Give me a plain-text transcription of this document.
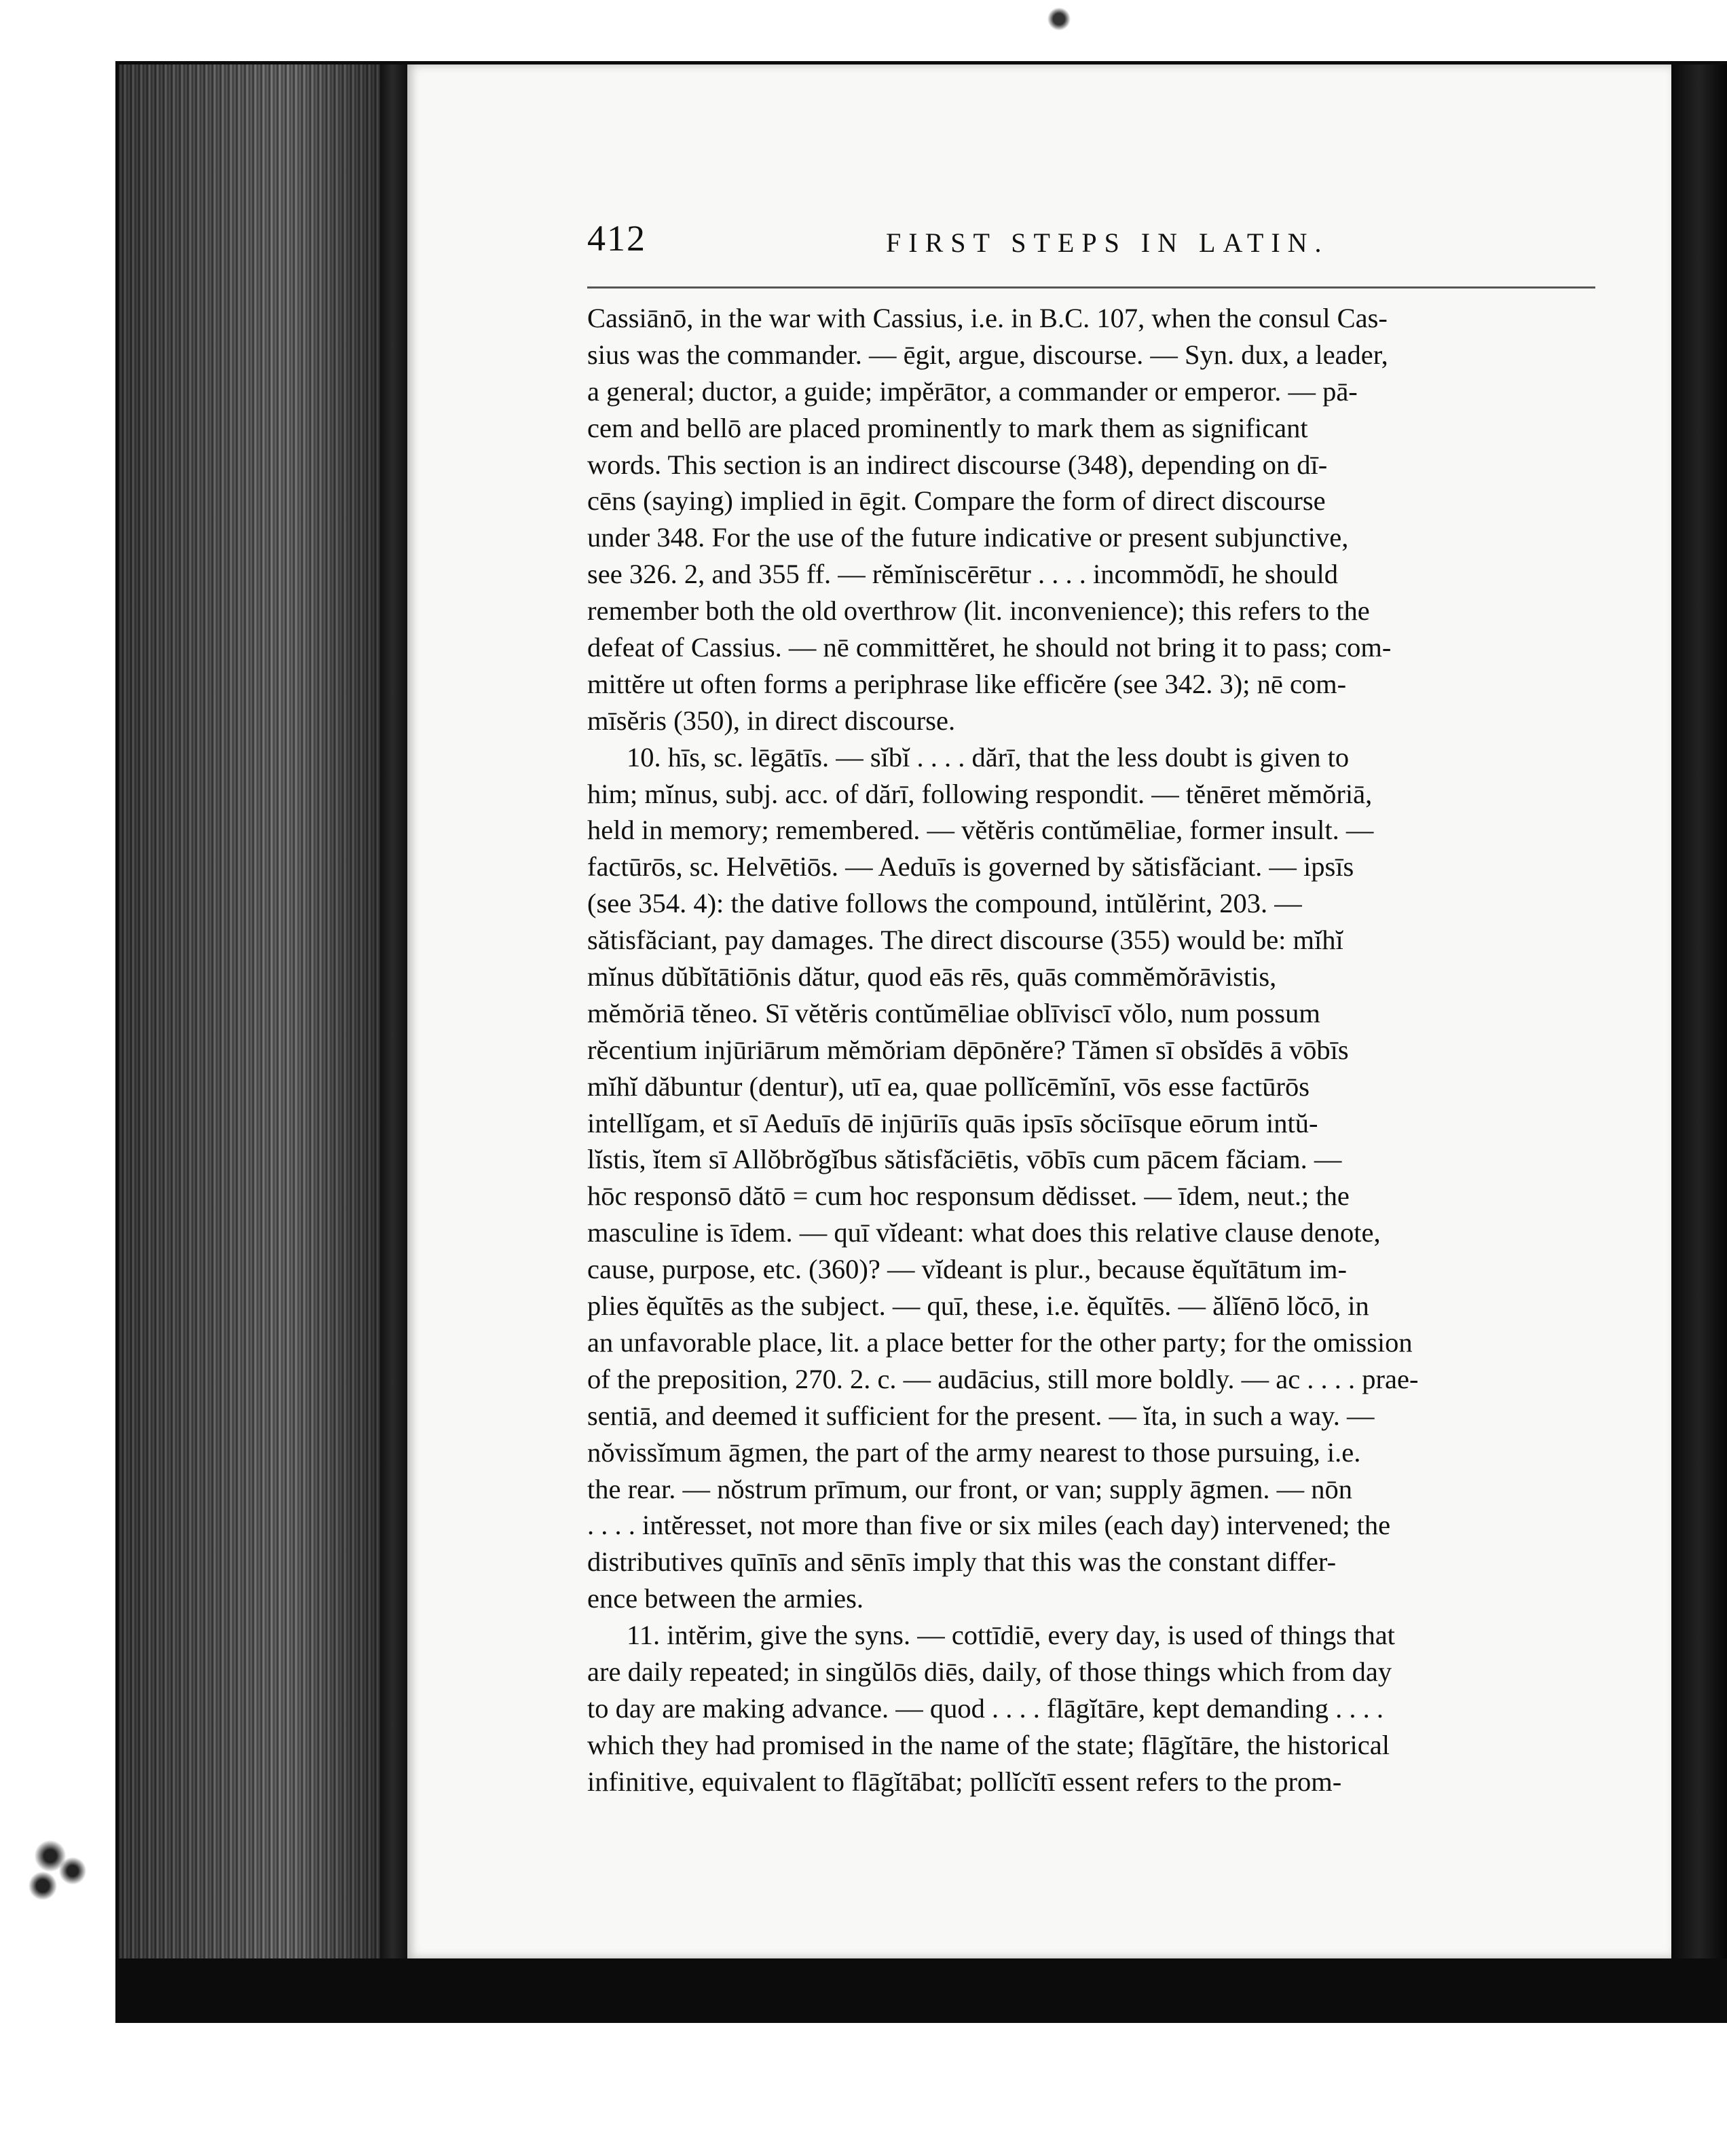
412	FIRST STEPS IN LATIN.
Cassiānō, in the war with Cassius, i.e. in B.C. 107, when the consul Cas-
sius was the commander. — ēgit, argue, discourse. — Syn. dux, a leader,
a general; ductor, a guide; impĕrātor, a commander or emperor. — pā-
cem and bellō are placed prominently to mark them as significant
words. This section is an indirect discourse (348), depending on dī-
cēns (saying) implied in ēgit. Compare the form of direct discourse
under 348. For the use of the future indicative or present subjunctive,
see 326. 2, and 355 ff. — rĕmĭniscērētur . . . . incommŏdī, he should
remember both the old overthrow (lit. inconvenience); this refers to the
defeat of Cassius. — nē committĕret, he should not bring it to pass; com-
mittĕre ut often forms a periphrase like efficĕre (see 342. 3); nē com-
mīsĕris (350), in direct discourse.
10. hīs, sc. lēgātīs. — sĭbĭ . . . . dărī, that the less doubt is given to
him; mĭnus, subj. acc. of dărī, following respondit. — tĕnēret mĕmŏriā,
held in memory; remembered. — vĕtĕris contŭmēliae, former insult. —
factūrōs, sc. Helvētiōs. — Aeduīs is governed by sătisfăciant. — ipsīs
(see 354. 4): the dative follows the compound, intŭlĕrint, 203. —
sătisfăciant, pay damages. The direct discourse (355) would be: mĭhĭ
mĭnus dŭbĭtātiōnis dătur, quod eās rēs, quās commĕmŏrāvistis,
mĕmŏriā tĕneo. Sī vĕtĕris contŭmēliae oblīviscī vŏlo, num possum
rĕcentium injūriārum mĕmŏriam dēpōnĕre? Tămen sī obsĭdēs ā vōbīs
mĭhĭ dăbuntur (dentur), utī ea, quae pollĭcēmĭnī, vōs esse factūrōs
intellĭgam, et sī Aeduīs dē injūriīs quās ipsīs sŏciīsque eōrum intŭ-
lĭstis, ĭtem sī Allŏbrŏgĭbus sătisfăciētis, vōbīs cum pācem făciam. —
hōc responsō dătō = cum hoc responsum dĕdisset. — īdem, neut.; the
masculine is īdem. — quī vĭdeant: what does this relative clause denote,
cause, purpose, etc. (360)? — vĭdeant is plur., because ĕquĭtātum im-
plies ĕquĭtēs as the subject. — quī, these, i.e. ĕquĭtēs. — ălĭēnō lŏcō, in
an unfavorable place, lit. a place better for the other party; for the omission
of the preposition, 270. 2. c. — audācius, still more boldly. — ac . . . . prae-
sentiā, and deemed it sufficient for the present. — ĭta, in such a way. —
nŏvissĭmum āgmen, the part of the army nearest to those pursuing, i.e.
the rear. — nŏstrum prīmum, our front, or van; supply āgmen. — nōn
. . . . intĕresset, not more than five or six miles (each day) intervened; the
distributives quīnīs and sēnīs imply that this was the constant differ-
ence between the armies.
11. intĕrim, give the syns. — cottīdiē, every day, is used of things that
are daily repeated; in singŭlōs diēs, daily, of those things which from day
to day are making advance. — quod . . . . flāgĭtāre, kept demanding . . . .
which they had promised in the name of the state; flāgĭtāre, the historical
infinitive, equivalent to flāgĭtābat; pollĭcĭtī essent refers to the prom-
